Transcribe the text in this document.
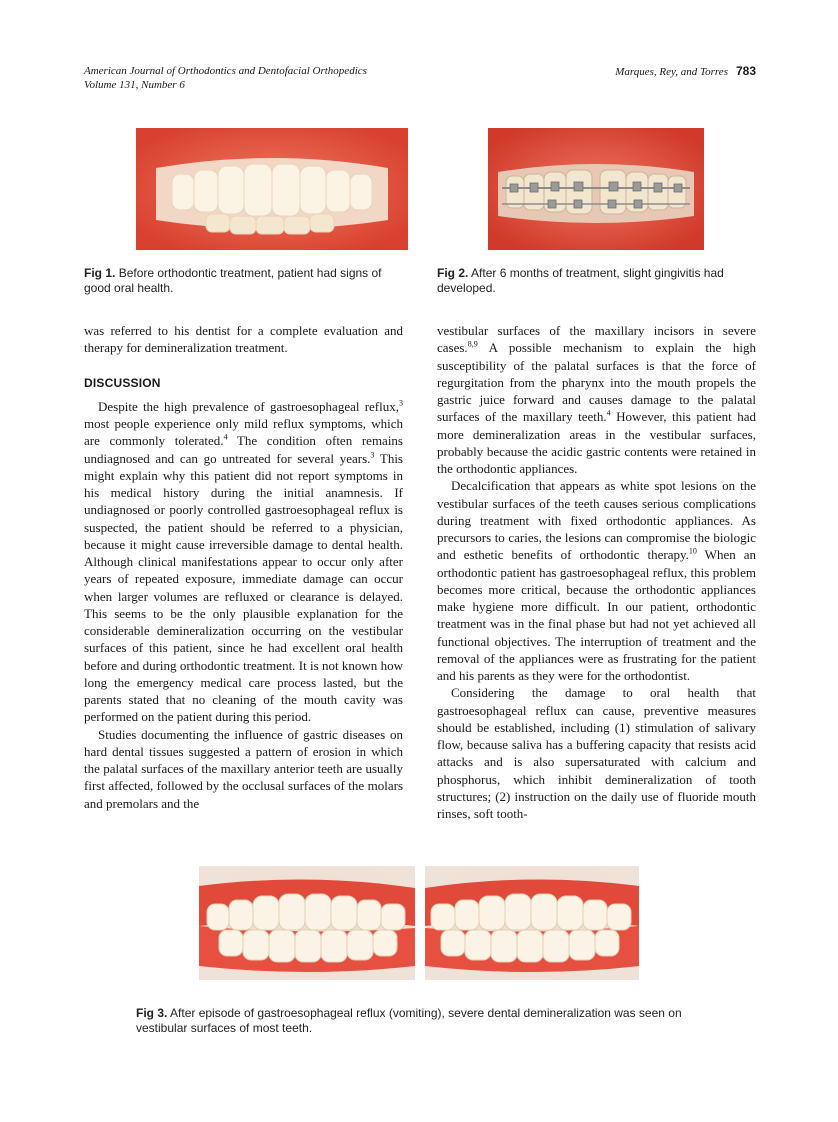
American Journal of Orthodontics and Dentofacial Orthopedics
Volume 131, Number 6
Marques, Rey, and Torres 783
Fig 1. Before orthodontic treatment, patient had signs of good oral health.
Fig 2. After 6 months of treatment, slight gingivitis had developed.

was referred to his dentist for a complete evaluation and therapy for demineralization treatment.

DISCUSSION

Despite the high prevalence of gastroesophageal reflux,$^3$ most people experience only mild reflux symptoms, which are commonly tolerated.$^4$ The condition often remains undiagnosed and can go untreated for several years.$^3$ This might explain why this patient did not report symptoms in his medical history during the initial anamnesis. If undiagnosed or poorly controlled gastroesophageal reflux is suspected, the patient should be referred to a physician, because it might cause irreversible damage to dental health. Although clinical manifestations appear to occur only after years of repeated exposure, immediate damage can occur when larger volumes are refluxed or clearance is delayed. This seems to be the only plausible explanation for the considerable demineralization occurring on the vestibular surfaces of this patient, since he had excellent oral health before and during orthodontic treatment. It is not known how long the emergency medical care process lasted, but the parents stated that no cleaning of the mouth cavity was performed on the patient during this period.

Studies documenting the influence of gastric diseases on hard dental tissues suggested a pattern of erosion in which the palatal surfaces of the maxillary anterior teeth are usually first affected, followed by the occlusal surfaces of the molars and premolars and the

vestibular surfaces of the maxillary incisors in severe cases.$^{8,9}$ A possible mechanism to explain the high susceptibility of the palatal surfaces is that the force of regurgitation from the pharynx into the mouth propels the gastric juice forward and causes damage to the palatal surfaces of the maxillary teeth.$^4$ However, this patient had more demineralization areas in the vestibular surfaces, probably because the acidic gastric contents were retained in the orthodontic appliances.

Decalcification that appears as white spot lesions on the vestibular surfaces of the teeth causes serious complications during treatment with fixed orthodontic appliances. As precursors to caries, the lesions can compromise the biologic and esthetic benefits of orthodontic therapy.$^{10}$ When an orthodontic patient has gastroesophageal reflux, this problem becomes more critical, because the orthodontic appliances make hygiene more difficult. In our patient, orthodontic treatment was in the final phase but had not yet achieved all functional objectives. The interruption of treatment and the removal of the appliances were as frustrating for the patient and his parents as they were for the orthodontist.

Considering the damage to oral health that gastroesophageal reflux can cause, preventive measures should be established, including (1) stimulation of salivary flow, because saliva has a buffering capacity that resists acid attacks and is also supersaturated with calcium and phosphorus, which inhibit demineralization of tooth structures; (2) instruction on the daily use of fluoride mouth rinses, soft tooth-

Fig 3. After episode of gastroesophageal reflux (vomiting), severe dental demineralization was seen on vestibular surfaces of most teeth.
